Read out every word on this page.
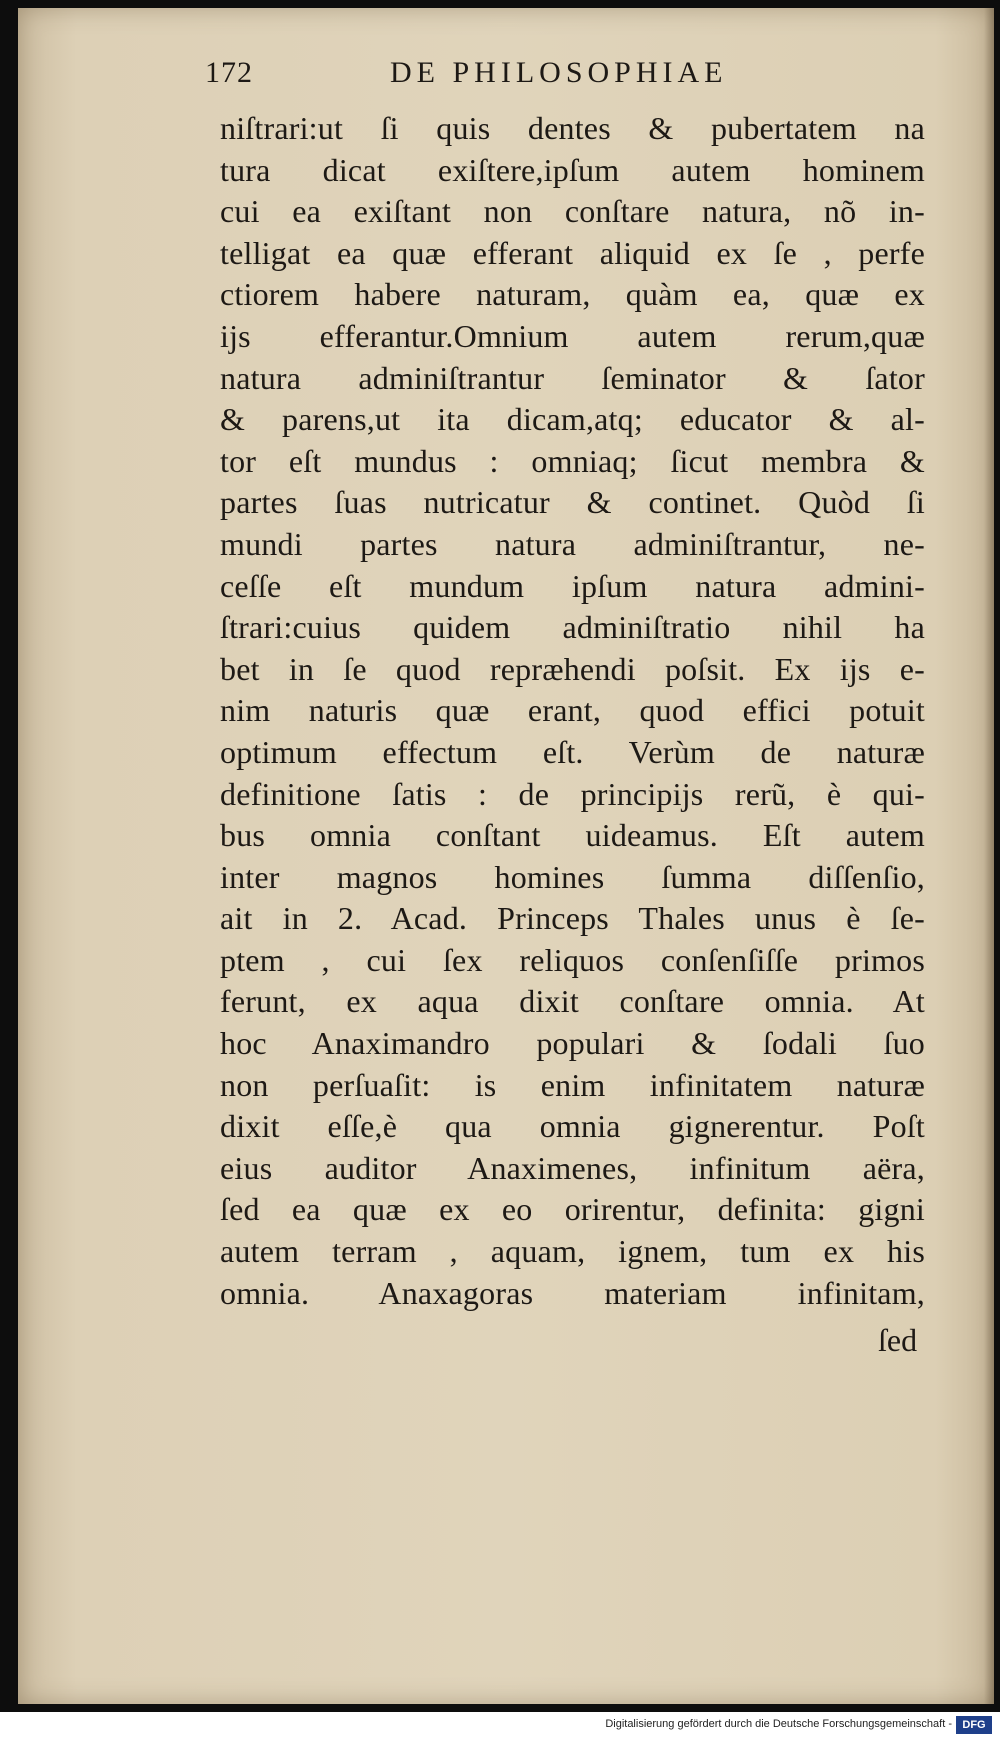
172	DE PHILOSOPHIAE
niſtrari:ut ſi quis dentes & pubertatem na
tura dicat exiſtere,ipſum autem hominem
cui ea exiſtant non conſtare natura, nõ in-
telligat ea quæ efferant aliquid ex ſe , perfe
ctiorem habere naturam, quàm ea, quæ ex
ijs efferantur.Omnium autem rerum,quæ
natura adminiſtrantur ſeminator & ſator
& parens,ut ita dicam,atq; educator & al-
tor eſt mundus : omniaq; ſicut membra &
partes ſuas nutricatur & continet. Quòd ſi
mundi partes natura adminiſtrantur, ne-
ceſſe eſt mundum ipſum natura admini-
ſtrari:cuius quidem adminiſtratio nihil ha
bet in ſe quod repræhendi poſsit. Ex ijs e-
nim naturis quæ erant, quod effici potuit
optimum effectum eſt. Verùm de naturæ
definitione ſatis : de principijs rerũ, è qui-
bus omnia conſtant uideamus. Eſt autem
inter magnos homines ſumma diſſenſio,
ait in 2. Acad. Princeps Thales unus è ſe-
ptem , cui ſex reliquos conſenſiſſe primos
ferunt, ex aqua dixit conſtare omnia. At
hoc Anaximandro populari & ſodali ſuo
non perſuaſit: is enim infinitatem naturæ
dixit eſſe,è qua omnia gignerentur. Poſt
eius auditor Anaximenes, infinitum aëra,
ſed ea quæ ex eo orirentur, definita: gigni
autem terram , aquam, ignem, tum ex his
omnia. Anaxagoras materiam infinitam,
ſed
Digitalisierung gefördert durch die Deutsche Forschungsgemeinschaft - DFG
